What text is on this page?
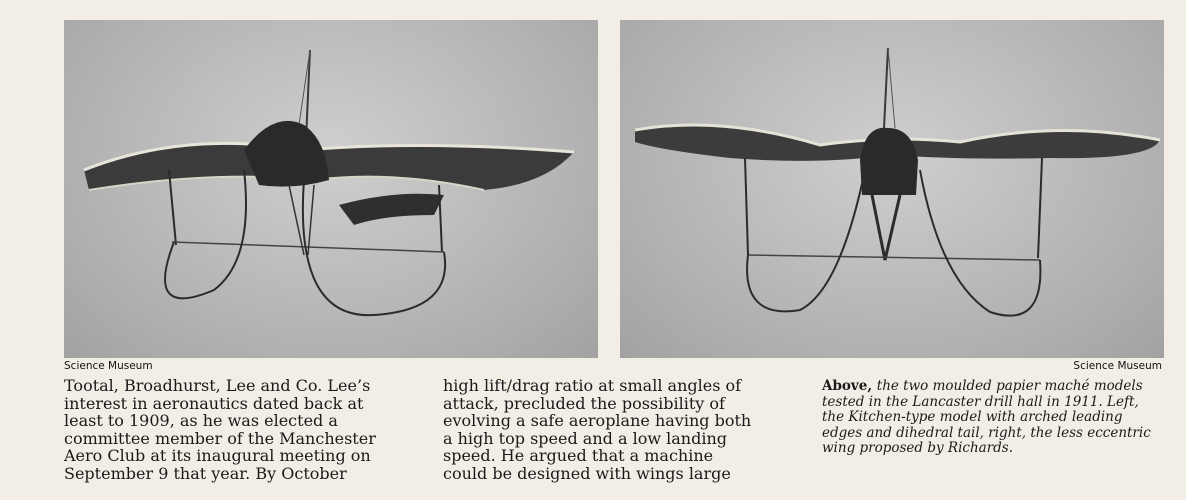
Science Museum	Science Museum
Tootal, Broadhurst, Lee and Co. Lee’s
interest in aeronautics dated back at
least to 1909, as he was elected a
committee member of the Manchester
Aero Club at its inaugural meeting on
September 9 that year. By October
high lift/drag ratio at small angles of
attack, precluded the possibility of
evolving a safe aeroplane having both
a high top speed and a low landing
speed. He argued that a machine
could be designed with wings large
Above, the two moulded papier maché models tested in the Lancaster drill hall in 1911. Left, the Kitchen-type model with arched leading edges and dihedral tail, right, the less eccentric wing proposed by Richards.
